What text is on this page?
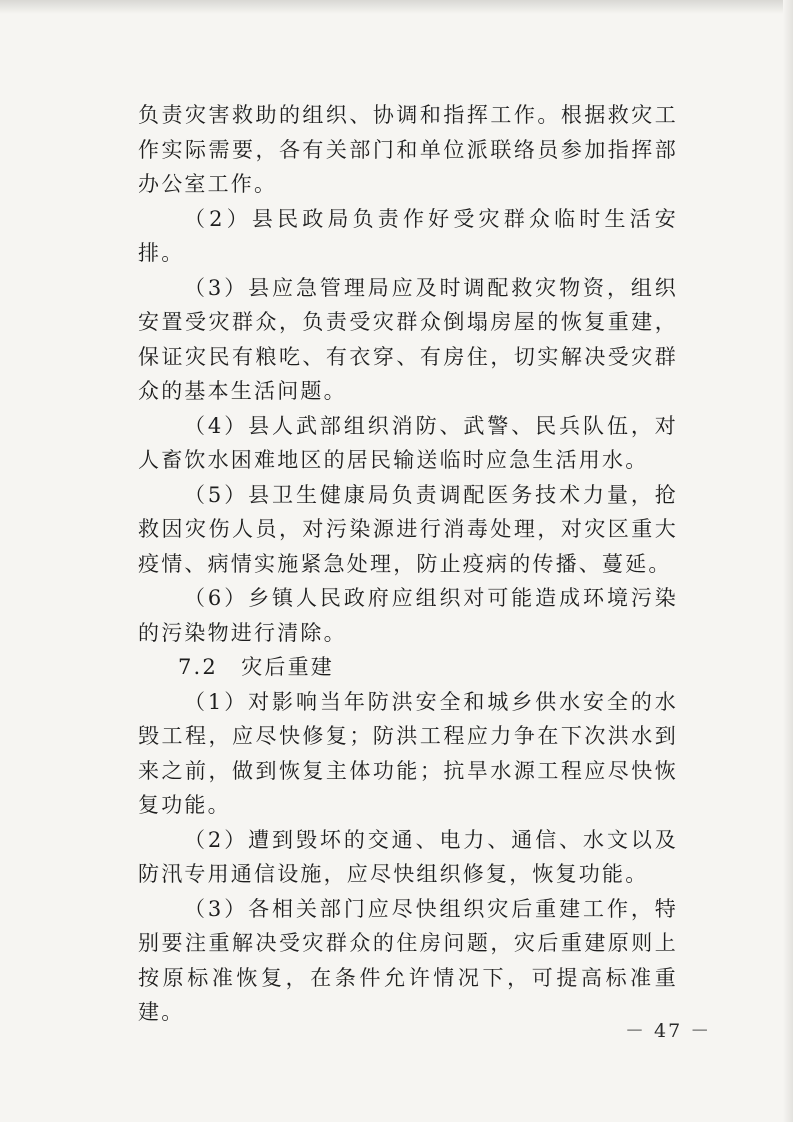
负责灾害救助的组织、协调和指挥工作。根据救灾工作实际需要，各有关部门和单位派联络员参加指挥部办公室工作。

（2）县民政局负责作好受灾群众临时生活安排。

（3）县应急管理局应及时调配救灾物资，组织安置受灾群众，负责受灾群众倒塌房屋的恢复重建，保证灾民有粮吃、有衣穿、有房住，切实解决受灾群众的基本生活问题。

（4）县人武部组织消防、武警、民兵队伍，对人畜饮水困难地区的居民输送临时应急生活用水。

（5）县卫生健康局负责调配医务技术力量，抢救因灾伤人员，对污染源进行消毒处理，对灾区重大疫情、病情实施紧急处理，防止疫病的传播、蔓延。

（6）乡镇人民政府应组织对可能造成环境污染的污染物进行清除。

7.2　灾后重建

（1）对影响当年防洪安全和城乡供水安全的水毁工程，应尽快修复；防洪工程应力争在下次洪水到来之前，做到恢复主体功能；抗旱水源工程应尽快恢复功能。

（2）遭到毁坏的交通、电力、通信、水文以及防汛专用通信设施，应尽快组织修复，恢复功能。

（3）各相关部门应尽快组织灾后重建工作，特别要注重解决受灾群众的住房问题，灾后重建原则上按原标准恢复，在条件允许情况下，可提高标准重建。

－ 47 －
